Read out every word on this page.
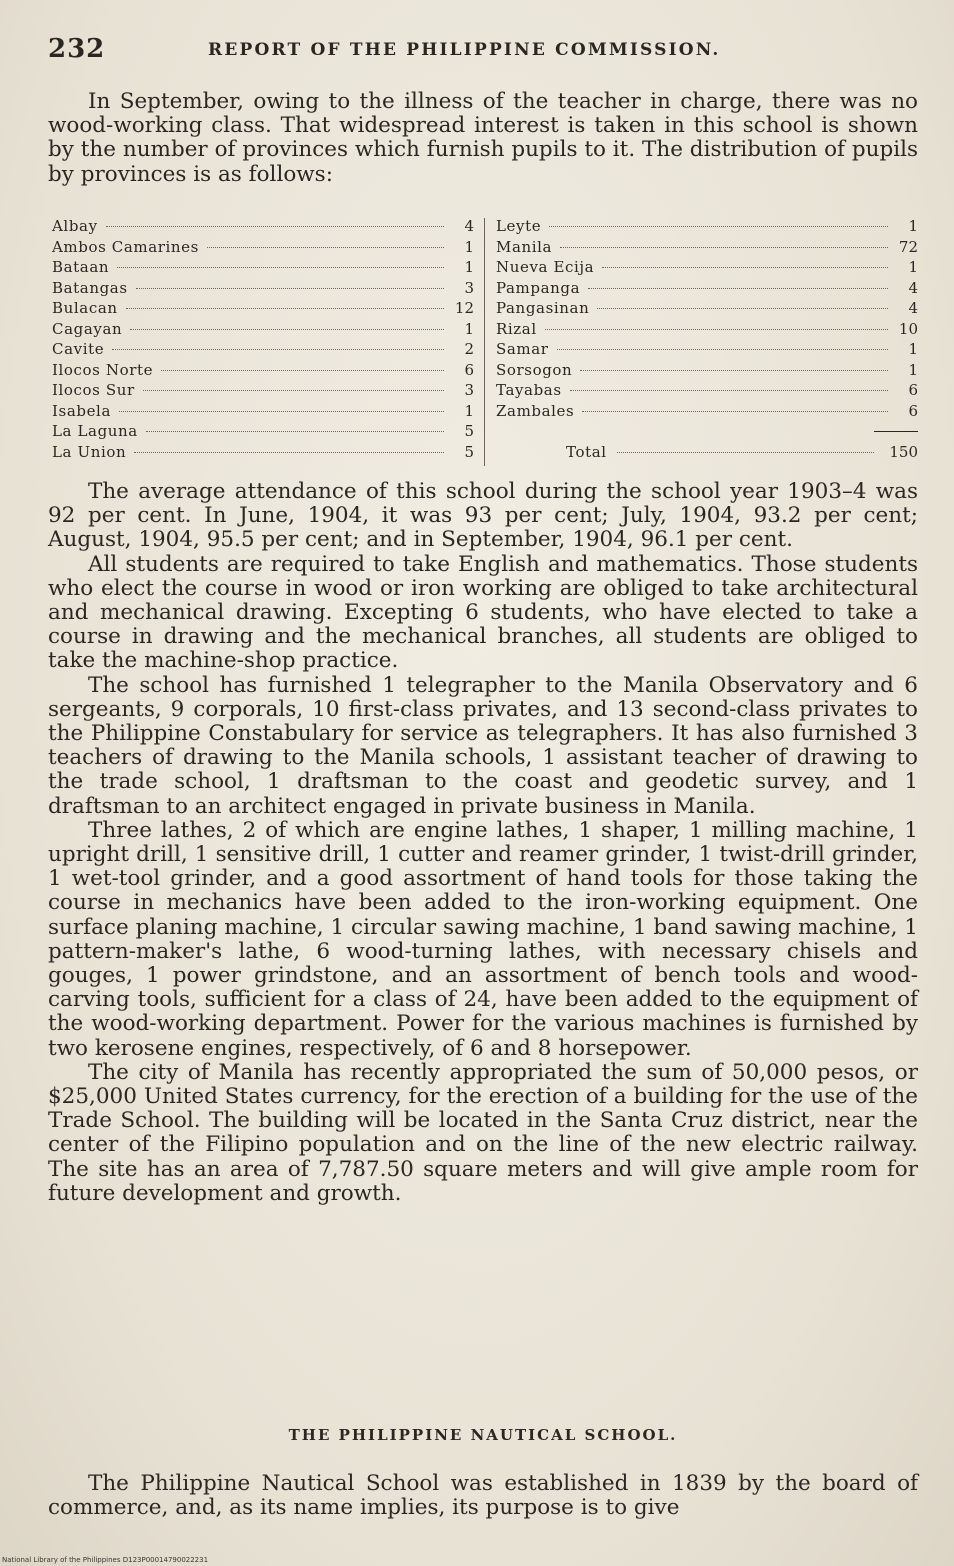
232	REPORT OF THE PHILIPPINE COMMISSION.

In September, owing to the illness of the teacher in charge, there was no wood-working class. That widespread interest is taken in this school is shown by the number of provinces which furnish pupils to it. The distribution of pupils by provinces is as follows:

Albay	4
Ambos Camarines	1
Bataan	1
Batangas	3
Bulacan	12
Cagayan	1
Cavite	2
Ilocos Norte	6
Ilocos Sur	3
Isabela	1
La Laguna	5
La Union	5
Leyte	1
Manila	72
Nueva Ecija	1
Pampanga	4
Pangasinan	4
Rizal	10
Samar	1
Sorsogon	1
Tayabas	6
Zambales	6
Total	150

The average attendance of this school during the school year 1903–4 was 92 per cent. In June, 1904, it was 93 per cent; July, 1904, 93.2 per cent; August, 1904, 95.5 per cent; and in September, 1904, 96.1 per cent.

All students are required to take English and mathematics. Those students who elect the course in wood or iron working are obliged to take architectural and mechanical drawing. Excepting 6 students, who have elected to take a course in drawing and the mechanical branches, all students are obliged to take the machine-shop practice.

The school has furnished 1 telegrapher to the Manila Observatory and 6 sergeants, 9 corporals, 10 first-class privates, and 13 second-class privates to the Philippine Constabulary for service as telegraphers. It has also furnished 3 teachers of drawing to the Manila schools, 1 assistant teacher of drawing to the trade school, 1 draftsman to the coast and geodetic survey, and 1 draftsman to an architect engaged in private business in Manila.

Three lathes, 2 of which are engine lathes, 1 shaper, 1 milling machine, 1 upright drill, 1 sensitive drill, 1 cutter and reamer grinder, 1 twist-drill grinder, 1 wet-tool grinder, and a good assortment of hand tools for those taking the course in mechanics have been added to the iron-working equipment. One surface planing machine, 1 circular sawing machine, 1 band sawing machine, 1 pattern-maker's lathe, 6 wood-turning lathes, with necessary chisels and gouges, 1 power grindstone, and an assortment of bench tools and wood-carving tools, sufficient for a class of 24, have been added to the equipment of the wood-working department. Power for the various machines is furnished by two kerosene engines, respectively, of 6 and 8 horsepower.

The city of Manila has recently appropriated the sum of 50,000 pesos, or $25,000 United States currency, for the erection of a building for the use of the Trade School. The building will be located in the Santa Cruz district, near the center of the Filipino population and on the line of the new electric railway. The site has an area of 7,787.50 square meters and will give ample room for future development and growth.

THE PHILIPPINE NAUTICAL SCHOOL.

The Philippine Nautical School was established in 1839 by the board of commerce, and, as its name implies, its purpose is to give

National Library of the Philippines D123P00014790022231
